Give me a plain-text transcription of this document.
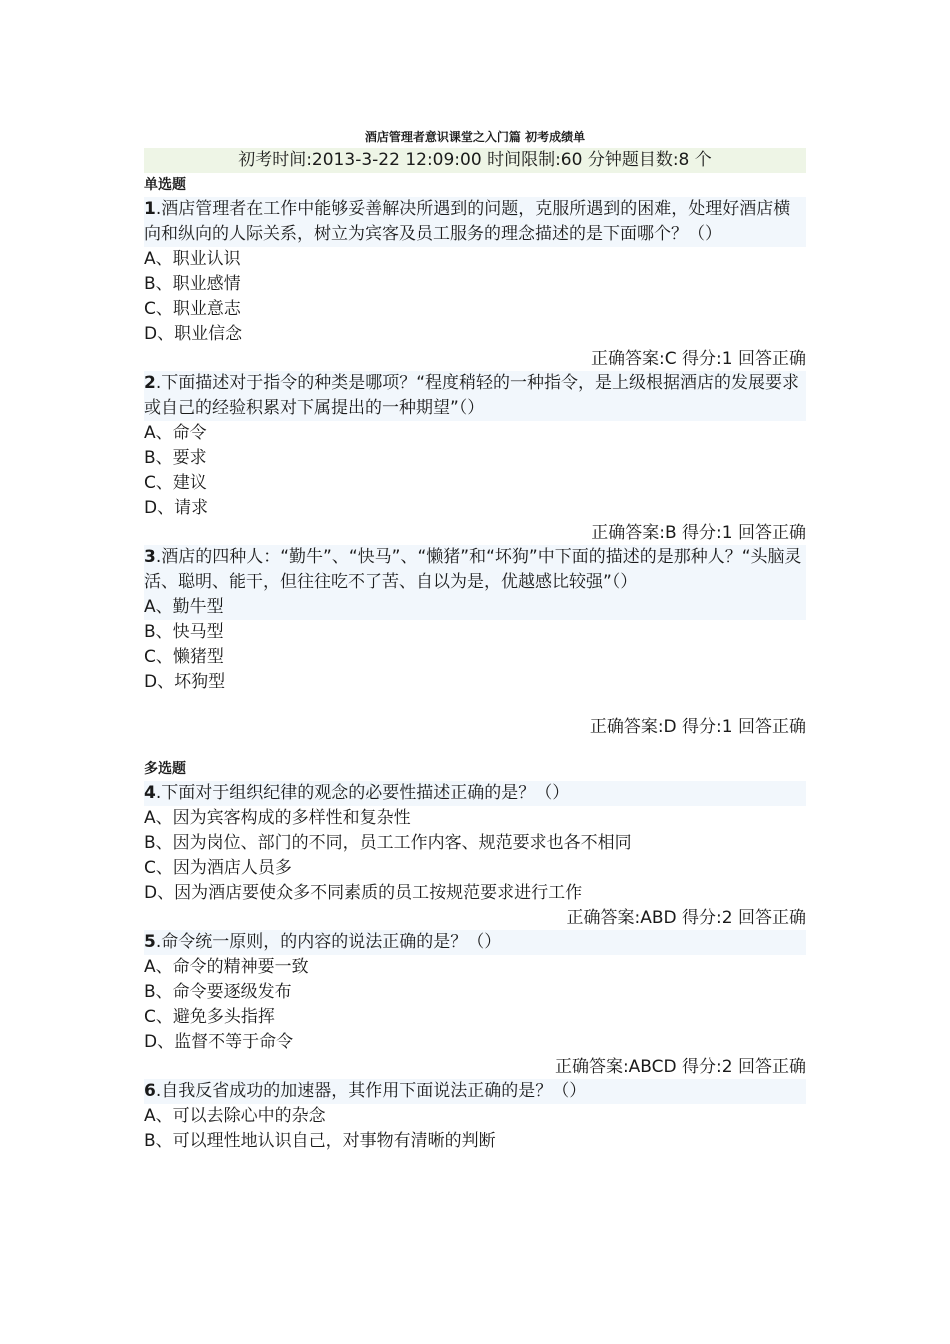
酒店管理者意识课堂之入门篇 初考成绩单
初考时间:2013-3-22 12:09:00 时间限制:60 分钟题目数:8 个
单选题
1.酒店管理者在工作中能够妥善解决所遇到的问题，克服所遇到的困难，处理好酒店横向和纵向的人际关系，树立为宾客及员工服务的理念描述的是下面哪个？（）
A、职业认识
B、职业感情
C、职业意志
D、职业信念
正确答案:C 得分:1 回答正确
2.下面描述对于指令的种类是哪项？“程度稍轻的一种指令，是上级根据酒店的发展要求或自己的经验积累对下属提出的一种期望”（）
A、命令
B、要求
C、建议
D、请求
正确答案:B 得分:1 回答正确
3.酒店的四种人：“勤牛”、“快马”、“懒猪”和“坏狗”中下面的描述的是那种人？“头脑灵活、聪明、能干，但往往吃不了苦、自以为是，优越感比较强”（）
A、勤牛型
B、快马型
C、懒猪型
D、坏狗型
正确答案:D 得分:1 回答正确
多选题
4.下面对于组织纪律的观念的必要性描述正确的是？（）
A、因为宾客构成的多样性和复杂性
B、因为岗位、部门的不同，员工工作内客、规范要求也各不相同
C、因为酒店人员多
D、因为酒店要使众多不同素质的员工按规范要求进行工作
正确答案:ABD 得分:2 回答正确
5.命令统一原则，的内容的说法正确的是？（）
A、命令的精神要一致
B、命令要逐级发布
C、避免多头指挥
D、监督不等于命令
正确答案:ABCD 得分:2 回答正确
6.自我反省成功的加速器，其作用下面说法正确的是？（）
A、可以去除心中的杂念
B、可以理性地认识自己，对事物有清晰的判断
